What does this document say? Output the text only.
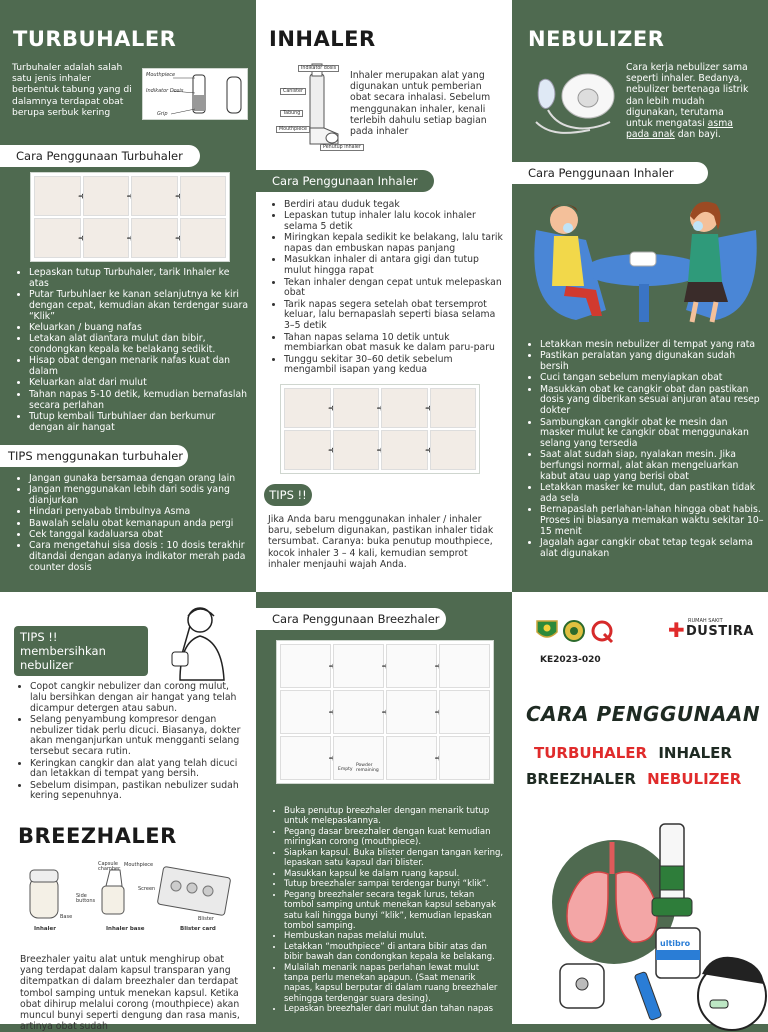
TURBUHALER
Turbuhaler adalah salah satu jenis inhaler berbentuk tabung yang di dalamnya terdapat obat berupa serbuk kering
Mouthpiece
Indikator Dosis
Grip
Cara Penggunaan Turbuhaler
➜
➜
➜
➜
➜
➜
• Lepaskan tutup Turbuhaler, tarik Inhaler ke atas
• Putar Turbuhlaer ke kanan selanjutnya ke kiri dengan cepat, kemudian akan terdengar suara “Klik”
• Keluarkan / buang nafas
• Letakan alat diantara mulut dan bibir, condongkan kepala ke belakang sedikit.
• Hisap obat dengan menarik nafas kuat dan dalam
• Keluarkan alat dari mulut
• Tahan napas 5-10 detik, kemudian bernafaslah secara perlahan
• Tutup kembali Turbuhlaer dan berkumur dengan air hangat
TIPS menggunakan turbuhaler
• Jangan gunaka bersamaa dengan orang lain
• Jangan menggunakan lebih dari sodis yang dianjurkan
• Hindari penyabab timbulnya Asma
• Bawalah selalu obat kemanapun anda pergi
• Cek tanggal kadaluarsa obat
• Cara mengetahui sisa dosis : 10 dosis terakhir ditandai dengan adanya indikator merah pada counter dosis
INHALER
Indikator dosis
Canister
Tabung
Mouthpiece
Penutup inhaler
Inhaler merupakan alat yang digunakan untuk pemberian obat secara inhalasi. Sebelum menggunakan inhaler, kenali terlebih dahulu setiap bagian pada inhaler
Cara Penggunaan Inhaler
• Berdiri atau duduk tegak
• Lepaskan tutup inhaler lalu kocok inhaler selama 5 detik
• Miringkan kepala sedikit ke belakang, lalu tarik napas dan embuskan napas panjang
• Masukkan inhaler di antara gigi dan tutup mulut hingga rapat
• Tekan inhaler dengan cepat untuk melepaskan obat
• Tarik napas segera setelah obat tersemprot keluar, lalu bernapaslah seperti biasa selama 3–5 detik
• Tahan napas selama 10 detik untuk membiarkan obat masuk ke dalam paru-paru
• Tunggu sekitar 30–60 detik sebelum mengambil isapan yang kedua
➜
➜
➜
➜
➜
➜
TIPS !!
Jika Anda baru menggunakan inhaler / inhaler baru, sebelum digunakan, pastikan inhaler tidak tersumbat. Caranya: buka penutup mouthpiece, kocok inhaler 3 – 4 kali, kemudian semprot inhaler menjauhi wajah Anda.
NEBULIZER
Cara kerja nebulizer sama seperti inhaler. Bedanya, nebulizer bertenaga listrik dan lebih mudah digunakan, terutama untuk mengatasi asma pada anak dan bayi.
Cara Penggunaan Inhaler
• Letakkan mesin nebulizer di tempat yang rata
• Pastikan peralatan yang digunakan sudah bersih
• Cuci tangan sebelum menyiapkan obat
• Masukkan obat ke cangkir obat dan pastikan dosis yang diberikan sesuai anjuran atau resep dokter
• Sambungkan cangkir obat ke mesin dan masker mulut ke cangkir obat menggunakan selang yang tersedia
• Saat alat sudah siap, nyalakan mesin. Jika berfungsi normal, alat akan mengeluarkan kabut atau uap yang berisi obat
• Letakkan masker ke mulut, dan pastikan tidak ada sela
• Bernapaslah perlahan-lahan hingga obat habis. Proses ini biasanya memakan waktu sekitar 10–15 menit
• Jagalah agar cangkir obat tetap tegak selama alat digunakan
TIPS !! membersihkan nebulizer
• Copot cangkir nebulizer dan corong mulut, lalu bersihkan dengan air hangat yang telah dicampur detergen atau sabun.
• Selang penyambung kompresor dengan nebulizer tidak perlu dicuci. Biasanya, dokter akan menganjurkan untuk mengganti selang tersebut secara rutin.
• Keringkan cangkir dan alat yang telah dicuci dan letakkan di tempat yang bersih.
• Sebelum disimpan, pastikan nebulizer sudah kering sepenuhnya.
BREEZHALER
Capsule chamber
Mouthpiece
Screen
Side buttons
Base
Inhaler	Inhaler base
Blister
Blister card
Breezhaler yaitu alat untuk menghirup obat yang terdapat dalam kapsul transparan yang ditempatkan di dalam breezhaler dan terdapat tombol samping untuk menekan kapsul. Ketika obat dihirup melalui corong (mouthpiece) akan muncul bunyi seperti dengung dan rasa manis, artinya obat sudah
Cara Penggunaan Breezhaler
➜
➜
➜
➜
➜
➜
➜
Powder remaining
Empty
➜
• Buka penutup breezhaler dengan menarik tutup untuk melepaskannya.
• Pegang dasar breezhaler dengan kuat kemudian miringkan corong (mouthpiece).
• Siapkan kapsul. Buka blister dengan tangan kering, lepaskan satu kapsul dari blister.
• Masukkan kapsul ke dalam ruang kapsul.
• Tutup breezhaler sampai terdengar bunyi “klik”.
• Pegang breezhaler secara tegak lurus, tekan tombol samping untuk menekan kapsul sebanyak satu kali hingga bunyi “klik”, kemudian lepaskan tombol samping.
• Hembuskan napas melalui mulut.
• Letakkan “mouthpiece” di antara bibir atas dan bibir bawah dan condongkan kepala ke belakang.
• Mulailah menarik napas perlahan lewat mulut tanpa perlu menekan apapun. (Saat menarik napas, kapsul berputar di dalam ruang breezhaler sehingga terdengar suara desing).
• Lepaskan breezhaler dari mulut dan tahan napas
✚ RUMAH SAKIT
DUSTIRA
KE2023-020
CARA PENGGUNAAN
TURBUHALER INHALER
BREEZHALER NEBULIZER
ultibro
